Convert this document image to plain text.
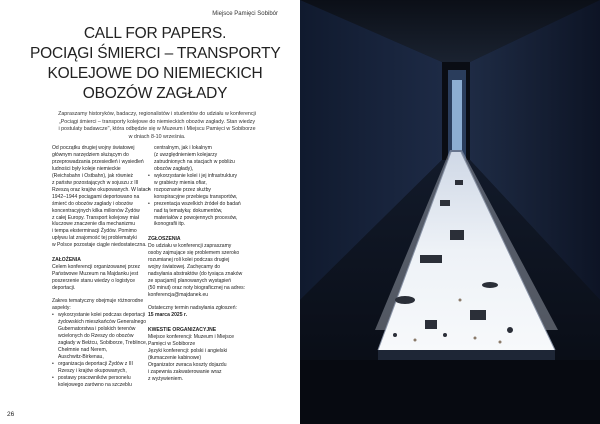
Miejsce Pamięci Sobibór
CALL FOR PAPERS.
POCIĄGI ŚMIERCI – TRANSPORTY
KOLEJOWE DO NIEMIECKICH
OBOZÓW ZAGŁADY
Zapraszamy historyków, badaczy, regionalistów i studentów do udziału w konferencji
„Pociągi śmierci – transporty kolejowe do niemieckich obozów zagłady. Stan wiedzy
i postulaty badawcze", która odbędzie się w Muzeum i Miejscu Pamięci w Sobiborze
w dniach 8-10 września.

Od początku drugiej wojny światowej
głównym narzędziem służącym do
przeprowadzania przesiedleń i wysiedleń
ludności były koleje niemieckie
(Reichsbahn i Ostbahn), jak również
z państw pozostających w sojuszu z III
Rzeszą oraz krajów okupowanych. W latach
1942–1944 pociągami deportowano na
śmierć do obozów zagłady i obozów
koncentracyjnych kilka milionów Żydów
z całej Europy. Transport kolejowy miał
kluczowe znaczenie dla mechanizmu
i tempa eksterminacji Żydów. Pomimo
upływu lat znajomość tej problematyki
w Polsce pozostaje ciągle niedostateczna.

ZAŁOŻENIA

Celem konferencji organizowanej przez
Państwowe Muzeum na Majdanku jest
poszerzenie stanu wiedzy o logistyce
deportacji.

Zakres tematyczny obejmuje różnorodne
aspekty:

• wykorzystanie kolei podczas deportacji
żydowskich mieszkańców Generalnego
Gubernatorstwa i polskich terenów
wcielonych do Rzeszy do obozów
zagłady w Bełżcu, Sobiborze, Treblince,
Chełmnie nad Nerem,
Auschwitz-Birkenau,
• organizacja deportacji Żydów z III
Rzeszy i krajów okupowanych,
• postawy pracowników personelu
kolejowego zarówno na szczeblu

centralnym, jak i lokalnym
(z uwzględnieniem kolejarzy
zatrudnionych na stacjach w pobliżu
obozów zagłady),

• wykorzystanie kolei i jej infrastruktury
w grabieży mienia ofiar,
• rozpoznanie przez służby
konspiracyjne przebiegu transportów,
• prezentacja wszelkich źródeł do badań
nad tą tematyką: dokumentów,
materiałów z powojennych procesów,
ikonografii itp.

ZGŁOSZENIA

Do udziału w konferencji zapraszamy
osoby zajmujące się problemem szeroko
rozumianej roli kolei podczas drugiej
wojny światowej. Zachęcamy do
nadsyłania abstraktów (do tysiąca znaków
ze spacjami) planowanych wystąpień
(50 minut) oraz noty biograficznej na adres:
konferencja@majdanek.eu

Ostateczny termin nadsyłania zgłoszeń:
15 marca 2025 r.

KWESTIE ORGANIZACYJNE

Miejsce konferencji: Muzeum i Miejsce
Pamięci w Sobiborze
Języki konferencji: polski i angielski
(tłumaczenie kabinowe)
Organizator zwraca koszty dojazdu
i zapewnia zakwaterowanie wraz
z wyżywieniem.

26
